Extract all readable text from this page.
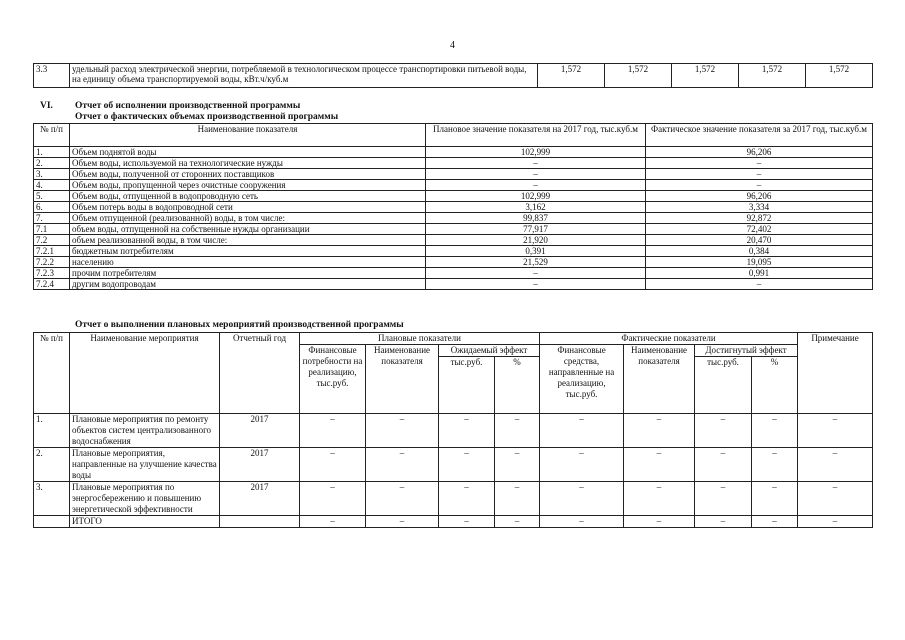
4
3.3	удельный расход электрической энергии, потребляемой в технологическом процессе транспортировки питьевой воды, на единицу объема транспортируемой воды, кВт.ч/куб.м	1,572	1,572	1,572	1,572	1,572
VI. Отчет об исполнении производственной программы
Отчет о фактических объемах производственной программы
№ п/п	Наименование показателя	Плановое значение показателя на 2017 год, тыс.куб.м	Фактическое значение показателя за 2017 год, тыс.куб.м
1.	Объем поднятой воды	102,999	96,206
2.	Объем воды, используемой на технологические нужды	–	–
3.	Объем воды, полученной от сторонних поставщиков	–	–
4.	Объем воды, пропущенной через очистные сооружения	–	–
5.	Объем воды, отпущенной в водопроводную сеть	102,999	96,206
6.	Объем потерь воды в водопроводной сети	3,162	3,334
7.	Объем отпущенной (реализованной) воды, в том числе:	99,837	92,872
7.1	объем воды, отпущенной на собственные нужды организации	77,917	72,402
7.2	объем реализованной воды, в том числе:	21,920	20,470
7.2.1	бюджетным потребителям	0,391	0,384
7.2.2	населению	21,529	19,095
7.2.3	прочим потребителям	–	0,991
7.2.4	другим водопроводам	–	–
Отчет о выполнении плановых мероприятий производственной программы
№ п/п	Наименование мероприятия	Отчетный год	Плановые показатели				Фактические показатели				Примечание	
			Финансовые потребности на реализацию, тыс.руб.	Наименование показателя	Ожидаемый эффект		Финансовые средства, направленные на реализацию, тыс.руб.	Наименование показателя	Достигнутый эффект			
					тыс.руб.	%			тыс.руб.	%		
1.	Плановые мероприятия по ремонту объектов систем централизованного водоснабжения	2017	–	–	–	–	–	–	–	–	–	
2.	Плановые мероприятия, направленные на улучшение качества воды	2017	–	–	–	–	–	–	–	–	–	
3.	Плановые мероприятия по энергосбережению и повышению энергетической эффективности	2017	–	–	–	–	–	–	–	–	–	
	ИТОГО		–	–	–	–	–	–	–	–	–	
